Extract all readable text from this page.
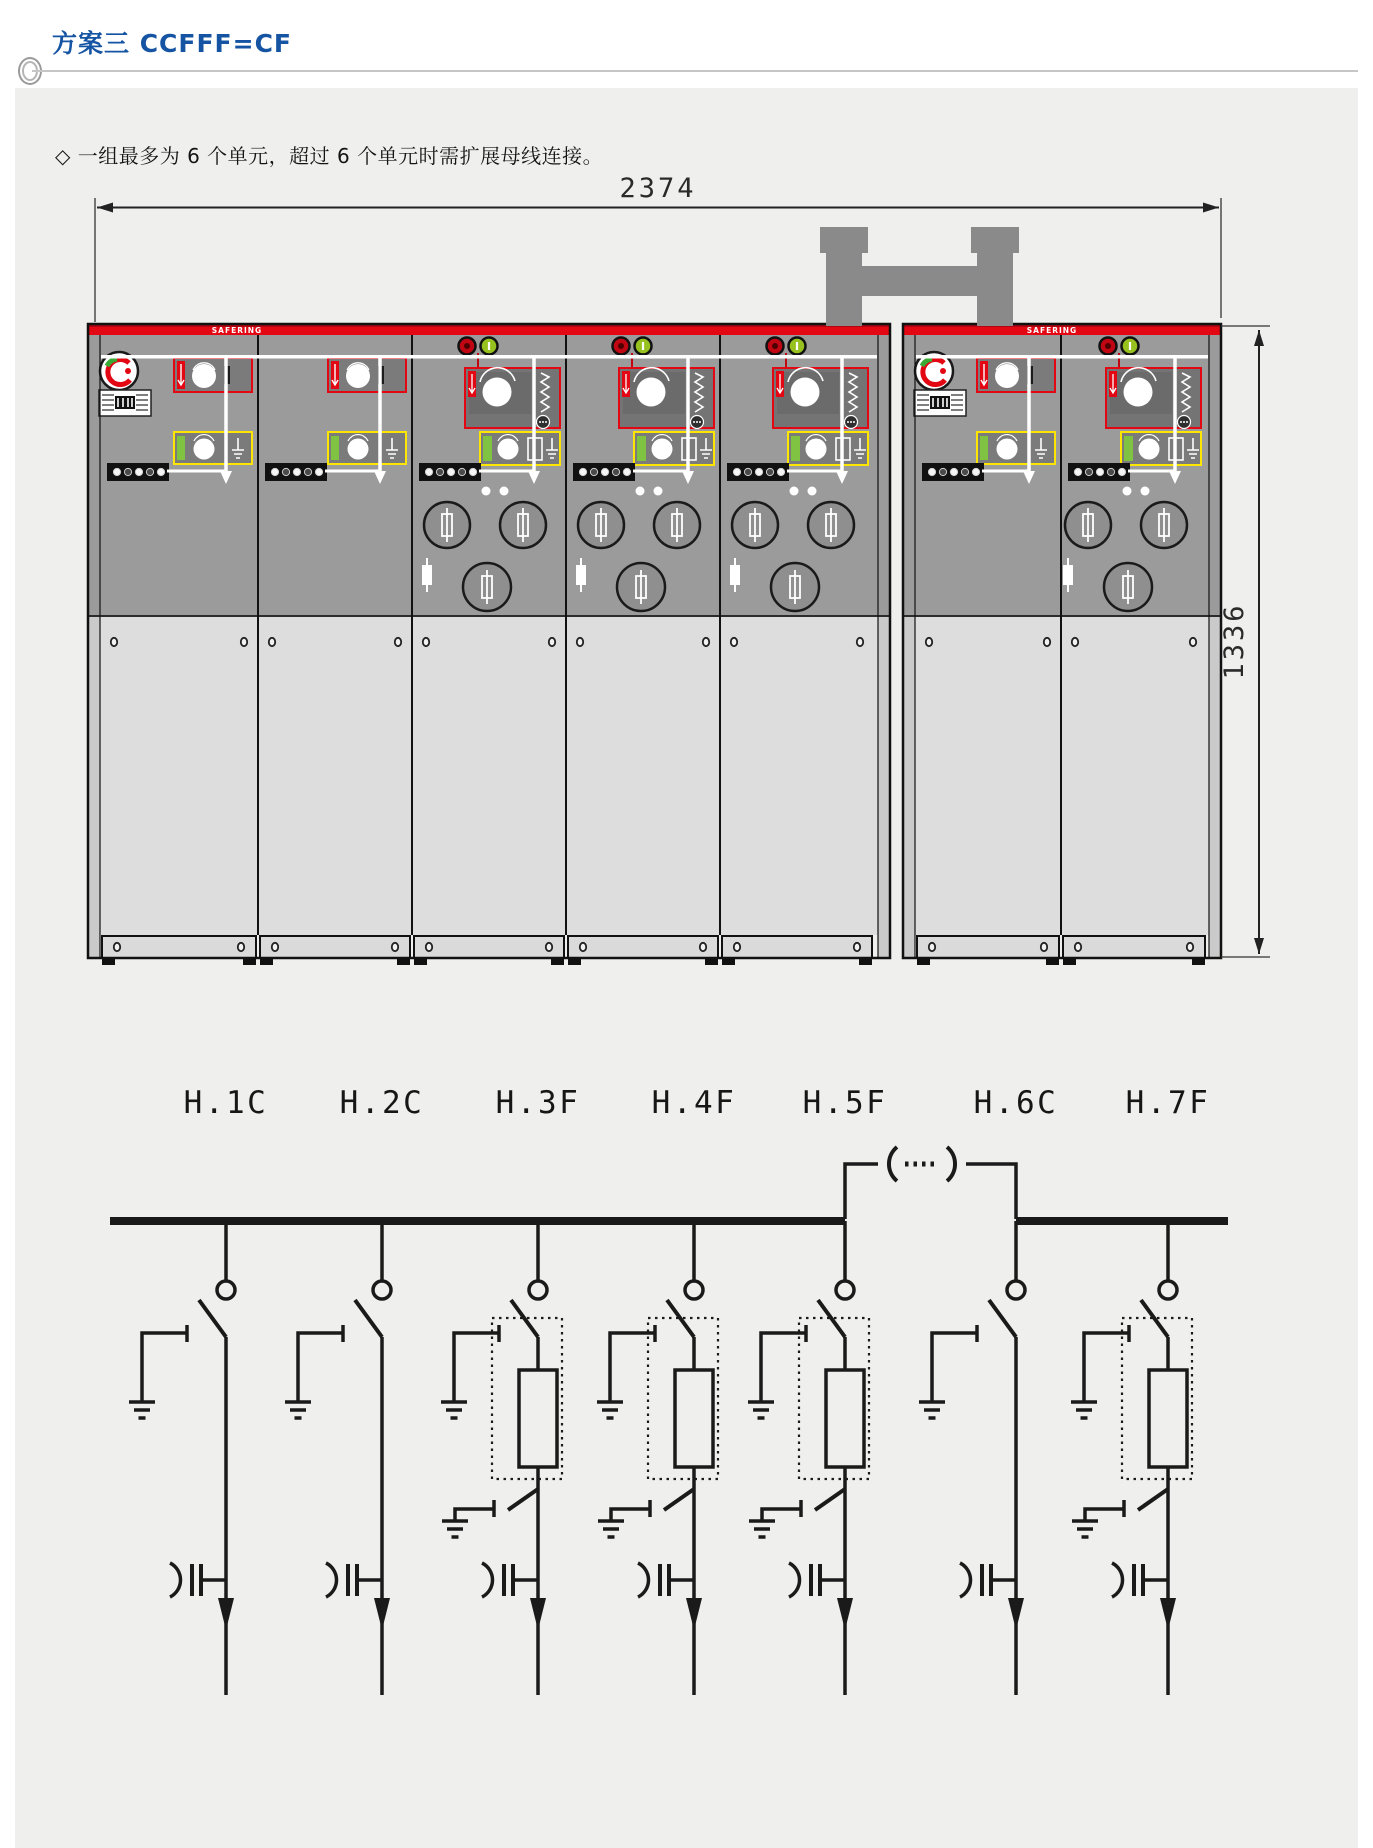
方案三 CCFFF=CF
◇ 一组最多为 6 个单元，超过 6 个单元时需扩展母线连接。
SAFERING	SAFERING
2374
1336
H.1C H.2C H.3F H.4F H.5F	H.6C H.7F
